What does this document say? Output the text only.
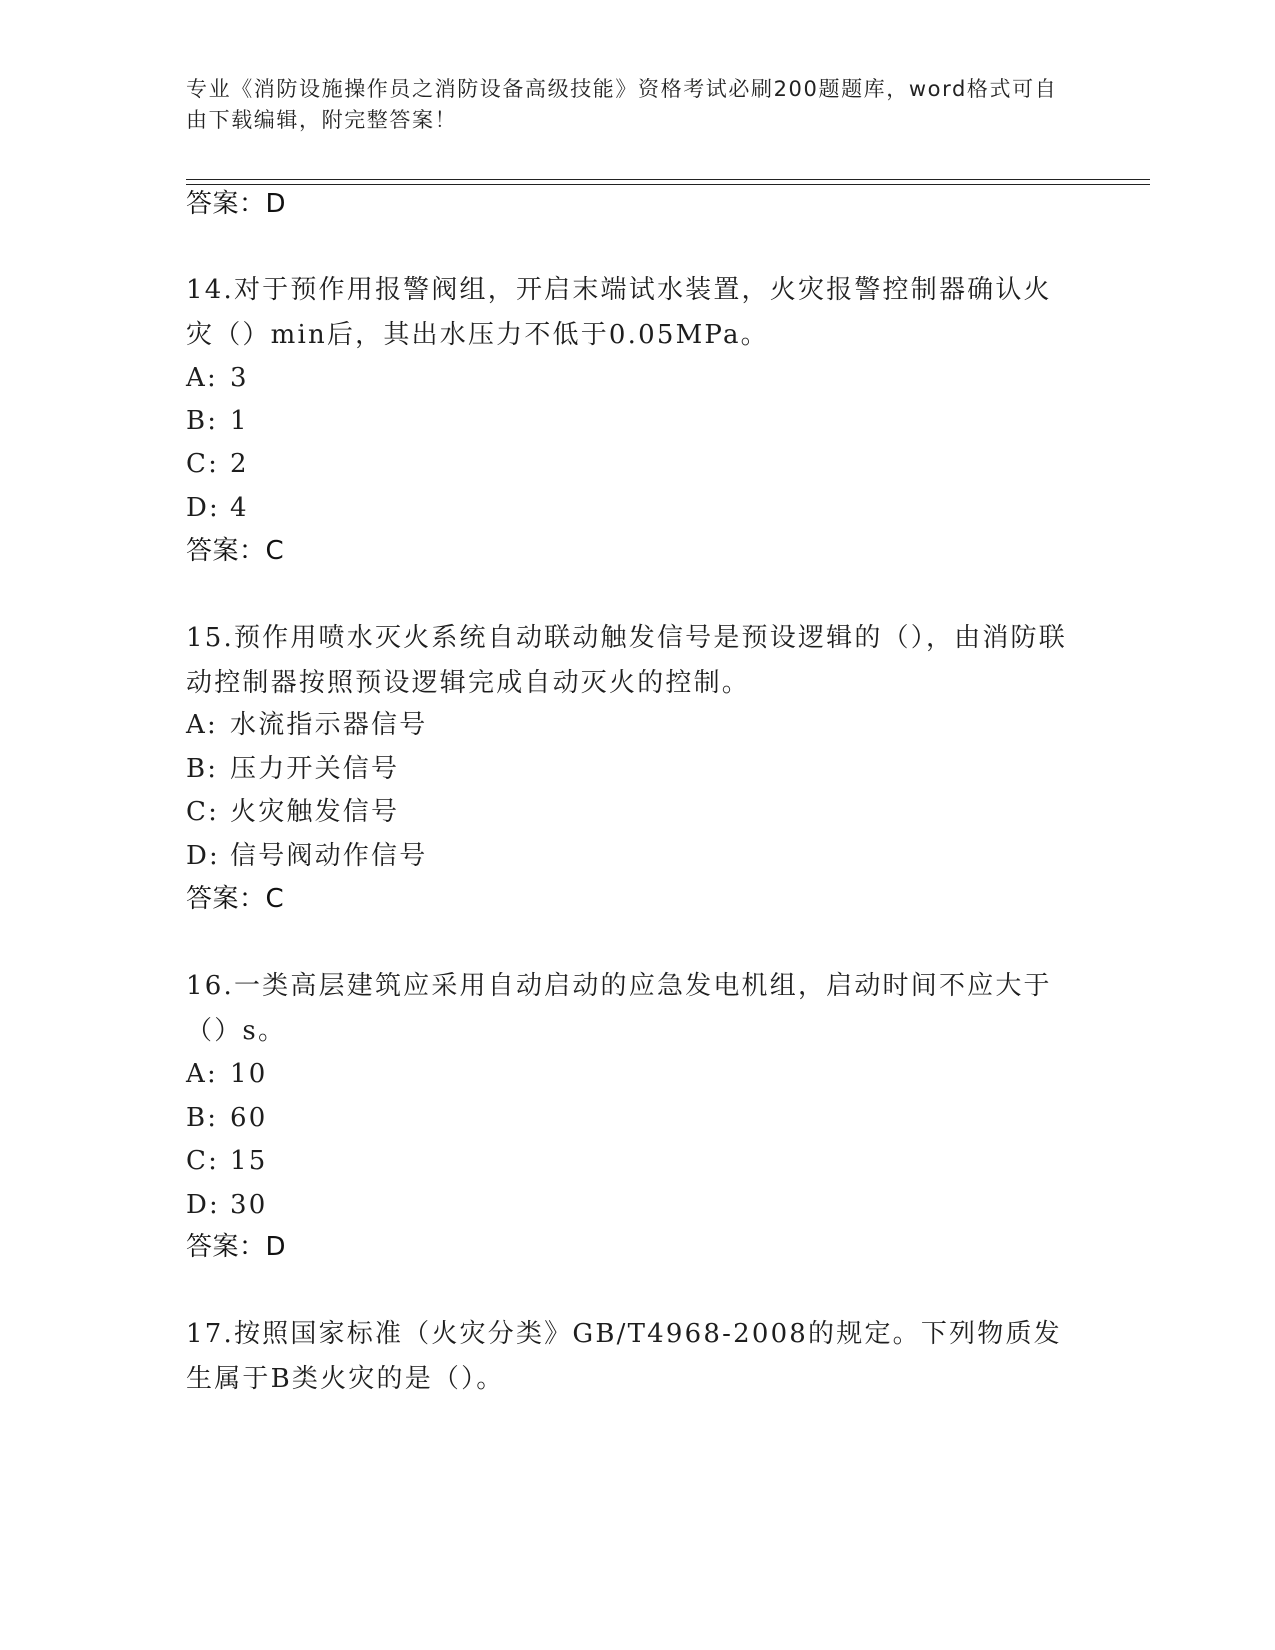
专业《消防设施操作员之消防设备高级技能》资格考试必刷200题题库，word格式可自由下载编辑，附完整答案！
答案：D
14.对于预作用报警阀组，开启末端试水装置，火灾报警控制器确认火灾（）min后，其出水压力不低于0.05MPa。
A: 3
B: 1
C: 2
D: 4
答案：C
15.预作用喷水灭火系统自动联动触发信号是预设逻辑的（），由消防联动控制器按照预设逻辑完成自动灭火的控制。
A: 水流指示器信号
B: 压力开关信号
C: 火灾触发信号
D: 信号阀动作信号
答案：C
16.一类高层建筑应采用自动启动的应急发电机组，启动时间不应大于（）s。
A: 10
B: 60
C: 15
D: 30
答案：D
17.按照国家标准（火灾分类》GB/T4968-2008的规定。下列物质发生属于B类火灾的是（）。
